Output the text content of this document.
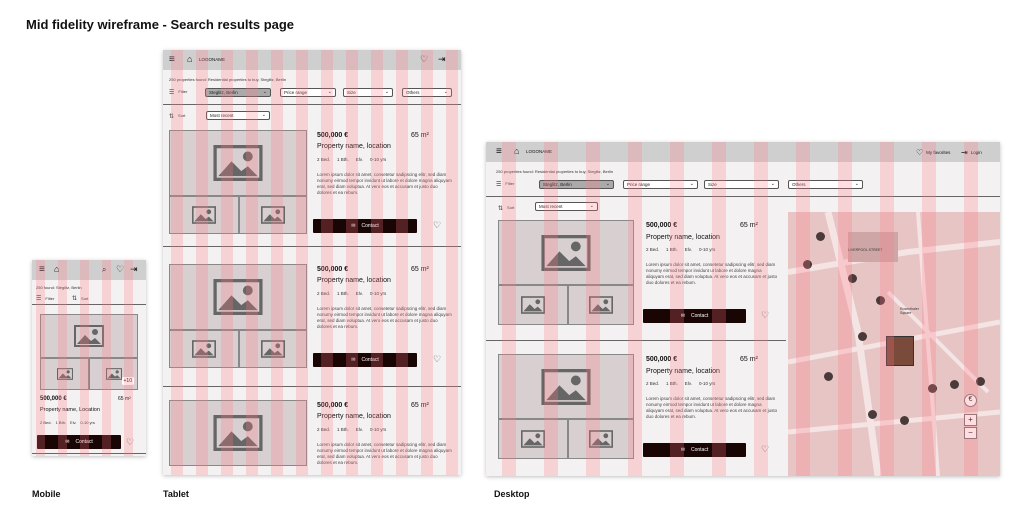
Mid fidelity wireframe - Search results page
≡ ⌂	⌕ ♡ ⇥
250 found: Steglitz, Berlin
☰ Filter	⇅ Sort
+10
500,000 €	65 m²
Property name, Location
2 Bed. 1 Bth. Elv. 0-10 yrs
✉ Contact	♡
Mobile
≡ ⌂ LOGONAME	♡ ⇥
250 properties found: Residential properties to buy, Steglitz, Berlin
☰ Filter	Steglitz, Berlin	⌄	Price range	⌄	Size	⌄	Others	⌄
⇅ Sort	Most recent	⌄
500,000 €	65 m²
Property name, location
2 Bed. 1 Bth. Elv. 0-10 yrs
Lorem ipsum dolor sit amet, consetetur sadipscing elitr, sed diam nonumy eirmod tempor invidunt ut labore et dolore magna aliquyam erat, sed diam voluptua. At vero eos et accusam et justo duo dolores et ea rebum.
✉ Contact	♡
500,000 €	65 m²
Property name, location
2 Bed. 1 Bth. Elv. 0-10 yrs
Lorem ipsum dolor sit amet, consetetur sadipscing elitr, sed diam nonumy eirmod tempor invidunt ut labore et dolore magna aliquyam erat, sed diam voluptua. At vero eos et accusam et justo duo dolores et ea rebum.
✉ Contact	♡
500,000 €	65 m²
Property name, location
2 Bed. 1 Bth. Elv. 0-10 yrs
Lorem ipsum dolor sit amet, consetetur sadipscing elitr, sed diam nonumy eirmod tempor invidunt ut labore et dolore magna aliquyam erat, sed diam voluptua. At vero eos et accusam et justo duo dolores et ea rebum.
Tablet
≡ ⌂ LOGONAME	♡ My favorites ⇥ Login
250 properties found: Residential properties to buy, Steglitz, Berlin
☰ Filter	Steglitz, Berlin	⌄	Price range	⌄	Size	⌄	Others	⌄
⇅ Sort	Most recent	⌄
500,000 €	65 m²
Property name, location
2 Bed. 1 Bth. Elv. 0-10 yrs
Lorem ipsum dolor sit amet, consetetur sadipscing elitr, sed diam nonumy eirmod tempor invidunt ut labore et dolore magna aliquyam erat, sed diam voluptua. At vero eos et accusam et justo duo dolores et ea rebum.
✉ Contact	♡
500,000 €	65 m²
Property name, location
2 Bed. 1 Bth. Elv. 0-10 yrs
Lorem ipsum dolor sit amet, consetetur sadipscing elitr, sed diam nonumy eirmod tempor invidunt ut labore et dolore magna aliquyam erat, sed diam voluptua. At vero eos et accusam et justo duo dolores et ea rebum.
✉ Contact	♡
LIVERPOOL STREET
Rosenthaler Square
€
+
−
Desktop
